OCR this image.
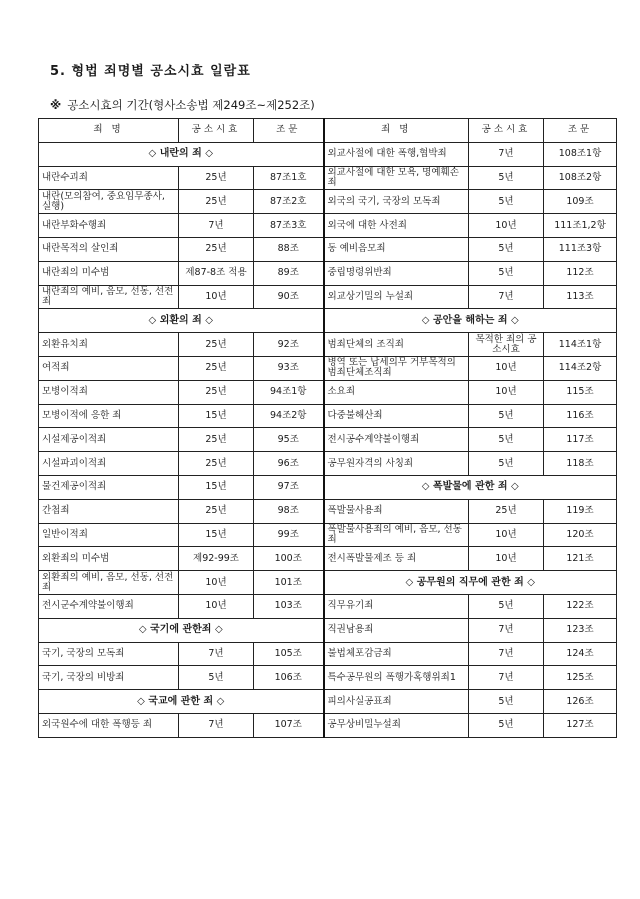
5. 형법 죄명별 공소시효 일람표
※ 공소시효의 기간(형사소송법 제249조~제252조)
죄 명	공소시효	조문	죄 명	공소시효	조문
◇ 내란의 죄 ◇			외교사절에 대한 폭행,협박죄	7년	108조1항
내란수괴죄	25년	87조1호	외교사절에 대한 모욕, 명예훼손죄	5년	108조2항
내란(모의참여, 중요임무종사, 실행)	25년	87조2호	외국의 국기, 국장의 모독죄	5년	109조
내란부화수행죄	7년	87조3호	외국에 대한 사전죄	10년	111조1,2항
내란목적의 살인죄	25년	88조	동 예비음모죄	5년	111조3항
내란죄의 미수범	제87-8조 적용	89조	중립명령위반죄	5년	112조
내란죄의 예비, 음모, 선동, 선전죄	10년	90조	외교상기밀의 누설죄	7년	113조
◇ 외환의 죄 ◇			◇ 공안을 해하는 죄 ◇		
외환유치죄	25년	92조	범죄단체의 조직죄	목적한 죄의 공소시효	114조1항
여적죄	25년	93조	병역 또는 납세의무 거부목적의 범죄단체조직죄	10년	114조2항
모병이적죄	25년	94조1항	소요죄	10년	115조
모병이적에 응한 죄	15년	94조2항	다중불해산죄	5년	116조
시설제공이적죄	25년	95조	전시공수계약불이행죄	5년	117조
시설파괴이적죄	25년	96조	공무원자격의 사칭죄	5년	118조
물건제공이적죄	15년	97조	◇ 폭발물에 관한 죄 ◇		
간첩죄	25년	98조	폭발물사용죄	25년	119조
일반이적죄	15년	99조	폭발물사용죄의 예비, 음모, 선동죄	10년	120조
외환죄의 미수범	제92-99조	100조	전시폭발물제조 등 죄	10년	121조
외환죄의 예비, 음모, 선동, 선전죄	10년	101조	◇ 공무원의 직무에 관한 죄 ◇		
전시군수계약불이행죄	10년	103조	직무유기죄	5년	122조
◇ 국기에 관한죄 ◇			직권남용죄	7년	123조
국기, 국장의 모독죄	7년	105조	불법체포감금죄	7년	124조
국기, 국장의 비방죄	5년	106조	특수공무원의 폭행가혹행위죄1	7년	125조
◇ 국교에 관한 죄 ◇			피의사실공표죄	5년	126조
외국원수에 대한 폭행등 죄	7년	107조	공무상비밀누설죄	5년	127조
